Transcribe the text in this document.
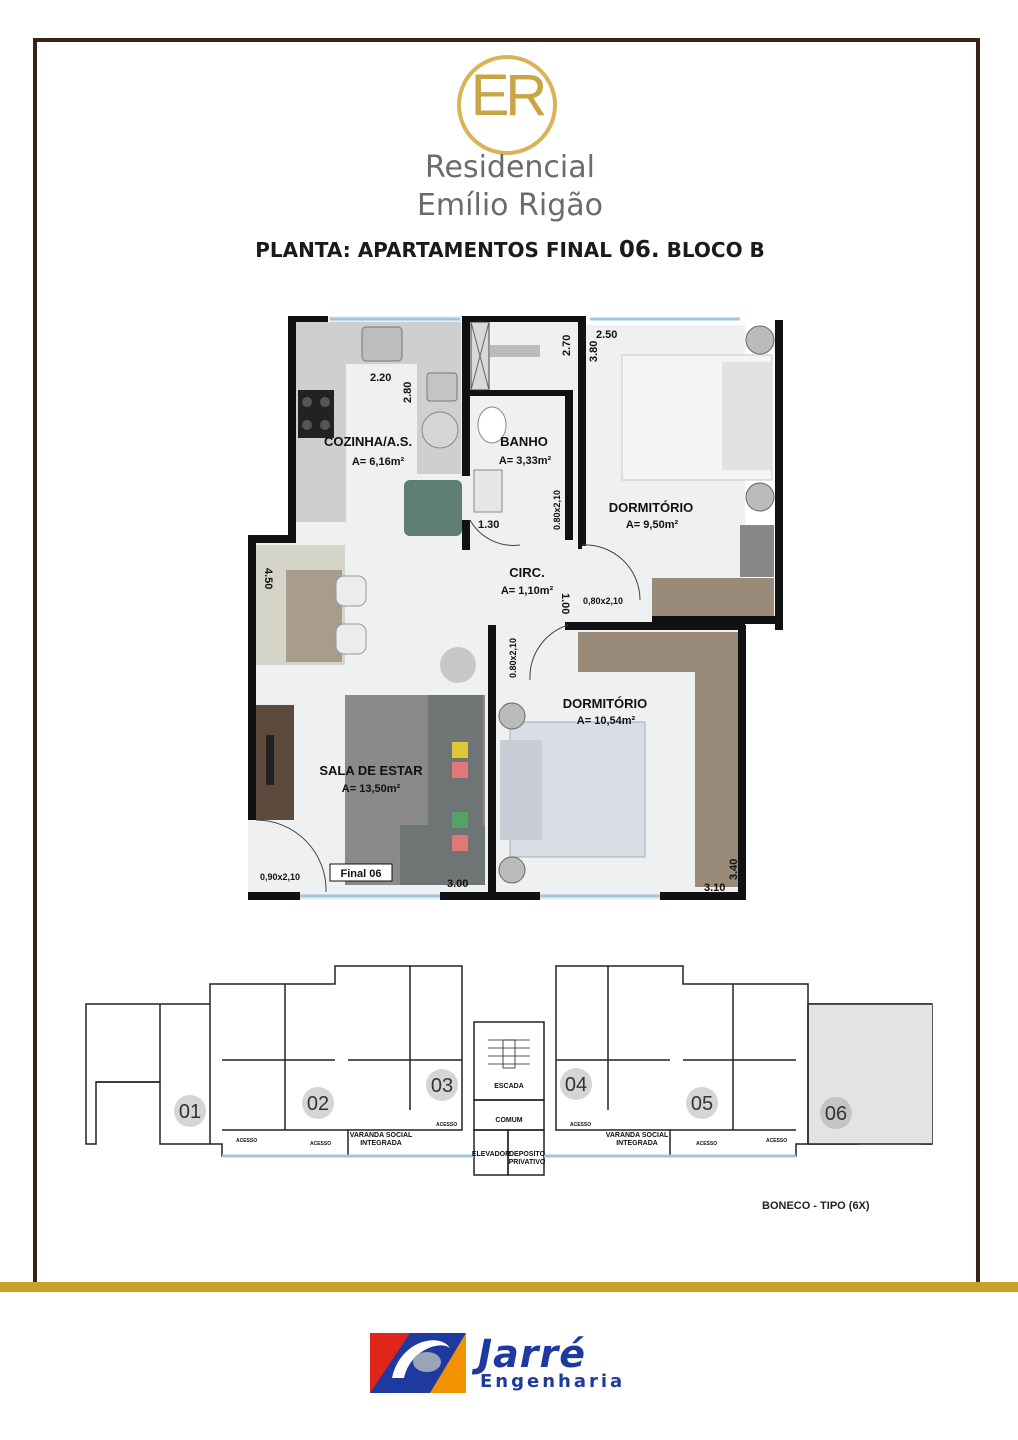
ER
Residencial
Emílio Rigão
PLANTA: APARTAMENTOS FINAL 06. BLOCO B
COZINHA/A.S.
A= 6,16m²
BANHO
A= 3,33m²
DORMITÓRIO
A= 9,50m²
CIRC.
A= 1,10m²
DORMITÓRIO
A= 10,54m²
SALA DE ESTAR
A= 13,50m²
2.20
2.80
2.70 2.50
3.80
1.30
4.50
1.00
3.00	3.10
3.40
0.80x2,10
0,80x2,10
0.80x2,10
0,90x2,10	Final 06
01	02
03	04
05	06
ESCADA
COMUM
ELEVADOR
DEPOSITO
PRIVATIVO
VARANDA SOCIAL
INTEGRADA
VARANDA SOCIAL
INTEGRADA
ACESSO	ACESSO
ACESSO	ACESSO
ACESSO	ACESSO
BONECO - TIPO (6X)
Jarré
Engenharia
